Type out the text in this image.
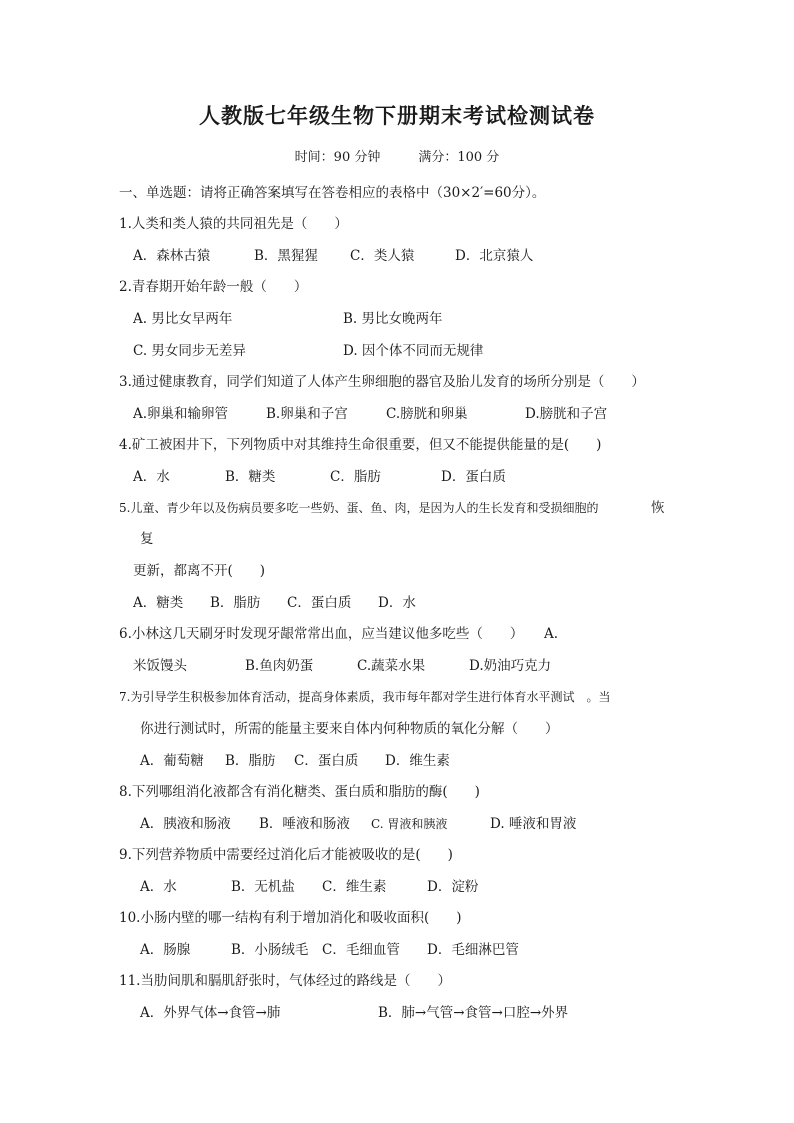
人教版七年级生物下册期末考试检测试卷
时间：90 分钟	满分：100 分
一、单选题：请将正确答案填写在答卷相应的表格中（30×2′=60分）。
1.人类和类人猿的共同祖先是（　　）
A．森林古猿	B．黑猩猩 C．类人猿	D．北京猿人
2.青春期开始年龄一般（　　）
A. 男比女早两年	B. 男比女晚两年
C. 男女同步无差异	D. 因个体不同而无规律
3.通过健康教育，同学们知道了人体产生卵细胞的器官及胎儿发育的场所分别是（　　）
A.卵巢和输卵管	B.卵巢和子宫	C.膀胱和卵巢	D.膀胱和子宫
4.矿工被困井下，下列物质中对其维持生命很重要，但又不能提供能量的是(　　)
A．水	B．糖类	C．脂肪	D．蛋白质
5.儿童、青少年以及伤病员要多吃一些奶、蛋、鱼、肉，是因为人的生长发育和受损细胞的	恢
复
更新，都离不开(　　)
A．糖类 B．脂肪 C．蛋白质 D．水
6.小林这几天刷牙时发现牙龈常常出血，应当建议他多吃些（　　） A.
米饭馒头	B.鱼肉奶蛋	C.蔬菜水果	D.奶油巧克力
7.为引导学生积极参加体育活动，提高身体素质，我市每年都对学生进行体育水平测试　。当
你进行测试时，所需的能量主要来自体内何种物质的氧化分解（　　）
A．葡萄糖 B．脂肪 C．蛋白质 D．维生素
8.下列哪组消化液都含有消化糖类、蛋白质和脂肪的酶(　　)
A．胰液和肠液 B．唾液和肠液 C. 胃液和胰液	D. 唾液和胃液
9.下列营养物质中需要经过消化后才能被吸收的是(　　)
A．水	B．无机盐 C．维生素	D．淀粉
10.小肠内壁的哪一结构有利于增加消化和吸收面积(　　)
A．肠腺	B．小肠绒毛 C．毛细血管 D．毛细淋巴管
11.当肋间肌和膈肌舒张时，气体经过的路线是（　　）
A．外界气体→食管→肺	B．肺→气管→食管→口腔→外界
